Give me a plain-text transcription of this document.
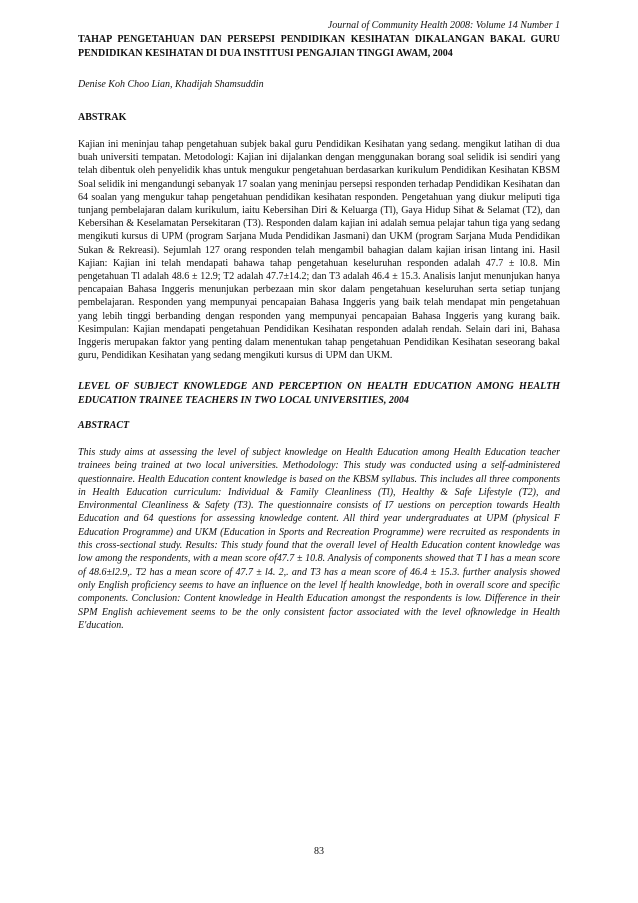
Journal of Community Health 2008: Volume 14 Number 1
TAHAP PENGETAHUAN DAN PERSEPSI PENDIDIKAN KESIHATAN DIKALANGAN BAKAL GURU PENDIDIKAN KESIHATAN DI DUA INSTITUSI PENGAJIAN TINGGI AWAM, 2004
Denise Koh Choo Lian, Khadijah Shamsuddin
ABSTRAK
Kajian ini meninjau tahap pengetahuan subjek bakal guru Pendidikan Kesihatan yang sedang. mengikut latihan di dua buah universiti tempatan. Metodologi: Kajian ini dijalankan dengan menggunakan borang soal selidik isi sendiri yang telah dibentuk oleh penyelidik khas untuk mengukur pengetahuan berdasarkan kurikulum Pendidikan Kesihatan KBSM Soal selidik ini mengandungi sebanyak 17 soalan yang meninjau persepsi responden terhadap Pendidikan Kesihatan dan 64 soalan yang mengukur tahap pengetahuan pendidikan kesihatan responden. Pengetahuan yang diukur meliputi tiga tunjang pembelajaran dalam kurikulum, iaitu Kebersihan Diri & Keluarga (Tl), Gaya Hidup Sihat & Selamat (T2), dan Kebersihan & Keselamatan Persekitaran (T3). Responden dalam kajian ini adalah semua pelajar tahun tiga yang sedang mengikuti kursus di UPM (program Sarjana Muda Pendidikan Jasmani) dan UKM (program Sarjana Muda Pendidikan Sukan & Rekreasi). Sejumlah 127 orang responden telah mengambil bahagian dalam kajian irisan lintang ini. Hasil Kajian: Kajian ini telah mendapati bahawa tahap pengetahuan keseluruhan responden adalah 47.7 ± l0.8. Min pengetahuan Tl adalah 48.6 ± 12.9; T2 adalah 47.7±14.2; dan T3 adalah 46.4 ± 15.3. Analisis lanjut menunjukan hanya pencapaian Bahasa Inggeris menunjukan perbezaan min skor dalam pengetahuan keseluruhan serta setiap tunjang pembelajaran. Responden yang mempunyai pencapaian Bahasa Inggeris yang baik telah mendapat min pengetahuan yang lebih tinggi berbanding dengan responden yang mempunyai pencapaian Bahasa Inggeris yang kurang baik. Kesimpulan: Kajian mendapati pengetahuan Pendidikan Kesihatan responden adalah rendah. Selain dari ini, Bahasa Inggeris merupakan faktor yang penting dalam menentukan tahap pengetahuan Pendidikan Kesihatan seseorang bakal guru, Pendidikan Kesihatan yang sedang mengikuti kursus di UPM dan UKM.
LEVEL OF SUBJECT KNOWLEDGE AND PERCEPTION ON HEALTH EDUCATION AMONG HEALTH EDUCATION TRAINEE TEACHERS IN TWO LOCAL UNIVERSITIES, 2004
ABSTRACT
This study aims at assessing the level of subject knowledge on Health Education among Health Education teacher trainees being trained at two local universities. Methodology: This study was conducted using a self-administered questionnaire. Health Education content knowledge is based on the KBSM syllabus. This includes all three components in Health Education curriculum: Individual & Family Cleanliness (Tl), Healthy & Safe Lifestyle (T2), and Environmental Cleanliness & Safety (T3). The questionnaire consists of I7 uestions on perception towards Health Education and 64 questions for assessing knowledge content. All third year undergraduates at UPM (physical F Education Programme) and UKM (Education in Sports and Recreation Programme) were recruited as respondents in this cross-sectional study. Results: This study found that the overall level of Health Education content knowledge was low among the respondents, with a mean score of47.7 ± 10.8. Analysis of components showed that T I has a mean score of 48.6±l2.9,. T2 has a mean score of 47.7 ± l4. 2,. and T3 has a mean score of 46.4 ± 15.3. further analysis showed only English proficiency seems to have an influence on the level lf health knowledge, both in overall score and specific components. Conclusion: Content knowledge in Health Education amongst the respondents is low. Difference in their SPM English achievement seems to be the only consistent factor associated with the level ofknowledge in Health E'ducation.
83
